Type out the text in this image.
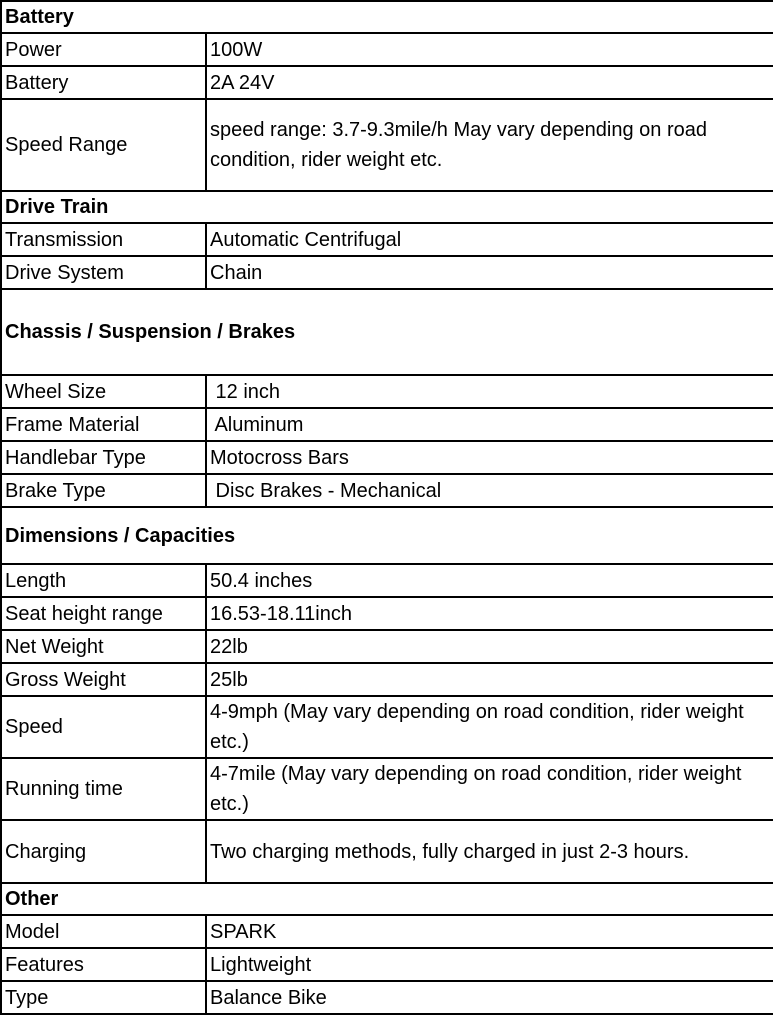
Battery	
Power	100W
Battery	2A 24V
Speed Range	speed range: 3.7-9.3mile/h May vary depending on road condition, rider weight etc.
Drive Train	
Transmission	Automatic Centrifugal
Drive System	Chain
Chassis / Suspension / Brakes	
Wheel Size	12 inch
Frame Material	Aluminum
Handlebar Type	Motocross Bars
Brake Type	Disc Brakes - Mechanical
Dimensions / Capacities	
Length	50.4 inches
Seat height range	16.53-18.11inch
Net Weight	22lb
Gross Weight	25lb
Speed	4-9mph (May vary depending on road condition, rider weight etc.)
Running time	4-7mile (May vary depending on road condition, rider weight etc.)
Charging	Two charging methods, fully charged in just 2-3 hours.
Other	
Model	SPARK
Features	Lightweight
Type	Balance Bike
